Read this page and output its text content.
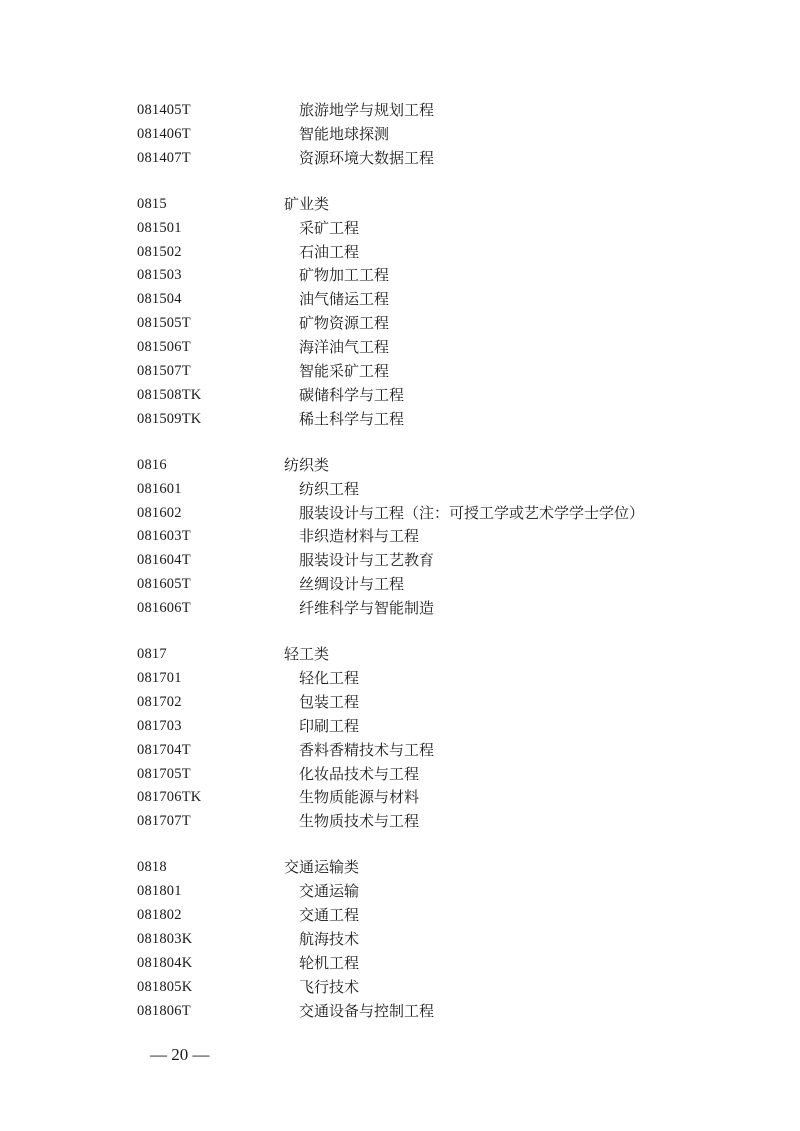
081405T	旅游地学与规划工程
081406T	智能地球探测
081407T	资源环境大数据工程
0815	矿业类
081501	采矿工程
081502	石油工程
081503	矿物加工工程
081504	油气储运工程
081505T	矿物资源工程
081506T	海洋油气工程
081507T	智能采矿工程
081508TK	碳储科学与工程
081509TK	稀土科学与工程
0816	纺织类
081601	纺织工程
081602	服装设计与工程（注：可授工学或艺术学学士学位）
081603T	非织造材料与工程
081604T	服装设计与工艺教育
081605T	丝绸设计与工程
081606T	纤维科学与智能制造
0817	轻工类
081701	轻化工程
081702	包装工程
081703	印刷工程
081704T	香料香精技术与工程
081705T	化妆品技术与工程
081706TK	生物质能源与材料
081707T	生物质技术与工程
0818	交通运输类
081801	交通运输
081802	交通工程
081803K	航海技术
081804K	轮机工程
081805K	飞行技术
081806T	交通设备与控制工程
— 20 —
